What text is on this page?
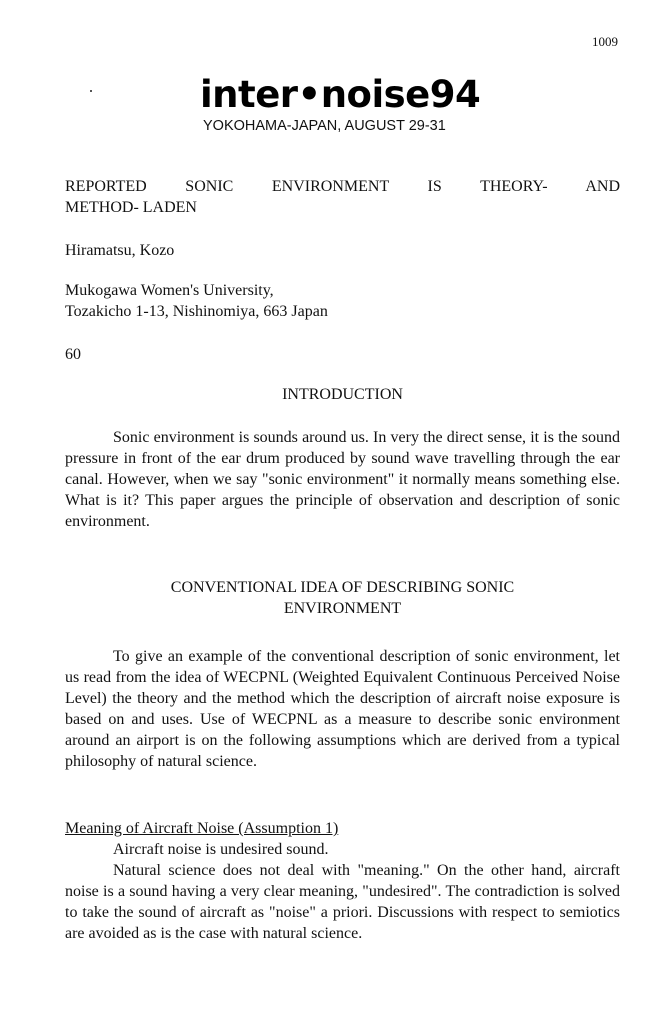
1009
inter•noise94
YOKOHAMA-JAPAN, AUGUST 29-31

REPORTED SONIC ENVIRONMENT IS THEORY- AND

METHOD- LADEN

Hiramatsu, Kozo

Mukogawa Women's University,

Tozakicho 1-13, Nishinomiya, 663 Japan

60

INTRODUCTION

Sonic environment is sounds around us. In very the direct sense, it is the sound pressure in front of the ear drum produced by sound wave travelling through the ear canal. However, when we say "sonic environment" it normally means something else. What is it? This paper argues the principle of observation and description of sonic environment.

CONVENTIONAL IDEA OF DESCRIBING SONIC

ENVIRONMENT

To give an example of the conventional description of sonic environment, let us read from the idea of WECPNL (Weighted Equivalent Continuous Perceived Noise Level) the theory and the method which the description of aircraft noise exposure is based on and uses. Use of WECPNL as a measure to describe sonic environment around an airport is on the following assumptions which are derived from a typical philosophy of natural science.

Meaning of Aircraft Noise (Assumption 1)

Aircraft noise is undesired sound.

Natural science does not deal with "meaning." On the other hand, aircraft noise is a sound having a very clear meaning, "undesired". The contradiction is solved to take the sound of aircraft as "noise" a priori. Discussions with respect to semiotics are avoided as is the case with natural science.
